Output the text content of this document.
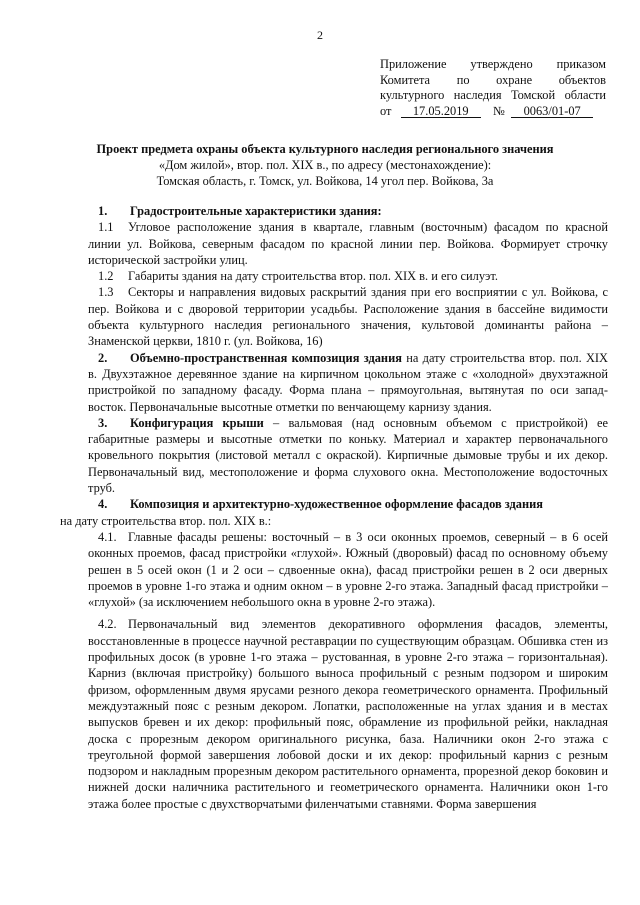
2
Приложение утверждено приказом
Комитета по охране объектов
культурного наследия Томской области
от 17.05.2019 № 0063/01-07
Проект предмета охраны объекта культурного наследия регионального значения
«Дом жилой», втор. пол. XIX в., по адресу (местонахождение):
Томская область, г. Томск, ул. Войкова, 14 угол пер. Войкова, 3а

1. Градостроительные характеристики здания:

1.1 Угловое расположение здания в квартале, главным (восточным) фасадом по красной линии ул. Войкова, северным фасадом по красной линии пер. Войкова. Формирует строчку исторической застройки улиц.

1.2 Габариты здания на дату строительства втор. пол. XIX в. и его силуэт.

1.3 Секторы и направления видовых раскрытий здания при его восприятии с ул. Войкова, с пер. Войкова и с дворовой территории усадьбы. Расположение здания в бассейне видимости объекта культурного наследия регионального значения, культовой доминанты района – Знаменской церкви, 1810 г. (ул. Войкова, 16)

2. Объемно-пространственная композиция здания на дату строительства втор. пол. XIX в. Двухэтажное деревянное здание на кирпичном цокольном этаже с «холодной» двухэтажной пристройкой по западному фасаду. Форма плана – прямоугольная, вытянутая по оси запад-восток. Первоначальные высотные отметки по венчающему карнизу здания.

3. Конфигурация крыши – вальмовая (над основным объемом с пристройкой) ее габаритные размеры и высотные отметки по коньку. Материал и характер первоначального кровельного покрытия (листовой металл с окраской). Кирпичные дымовые трубы и их декор. Первоначальный вид, местоположение и форма слухового окна. Местоположение водосточных труб.

4. Композиция и архитектурно-художественное оформление фасадов здания

на дату строительства втор. пол. XIX в.:

4.1. Главные фасады решены: восточный – в 3 оси оконных проемов, северный – в 6 осей оконных проемов, фасад пристройки «глухой». Южный (дворовый) фасад по основному объему решен в 5 осей окон (1 и 2 оси – сдвоенные окна), фасад пристройки решен в 2 оси дверных проемов в уровне 1-го этажа и одним окном – в уровне 2-го этажа. Западный фасад пристройки – «глухой» (за исключением небольшого окна в уровне 2-го этажа).

4.2. Первоначальный вид элементов декоративного оформления фасадов, элементы, восстановленные в процессе научной реставрации по существующим образцам. Обшивка стен из профильных досок (в уровне 1-го этажа – рустованная, в уровне 2-го этажа – горизонтальная). Карниз (включая пристройку) большого выноса профильный с резным подзором и широким фризом, оформленным двумя ярусами резного декора геометрического орнамента. Профильный междуэтажный пояс с резным декором. Лопатки, расположенные на углах здания и в местах выпусков бревен и их декор: профильный пояс, обрамление из профильной рейки, накладная доска с прорезным декором оригинального рисунка, база. Наличники окон 2-го этажа с треугольной формой завершения лобовой доски и их декор: профильный карниз с резным подзором и накладным прорезным декором растительного орнамента, прорезной декор боковин и нижней доски наличника растительного и геометрического орнамента. Наличники окон 1-го этажа более простые с двухстворчатыми филенчатыми ставнями. Форма завершения
